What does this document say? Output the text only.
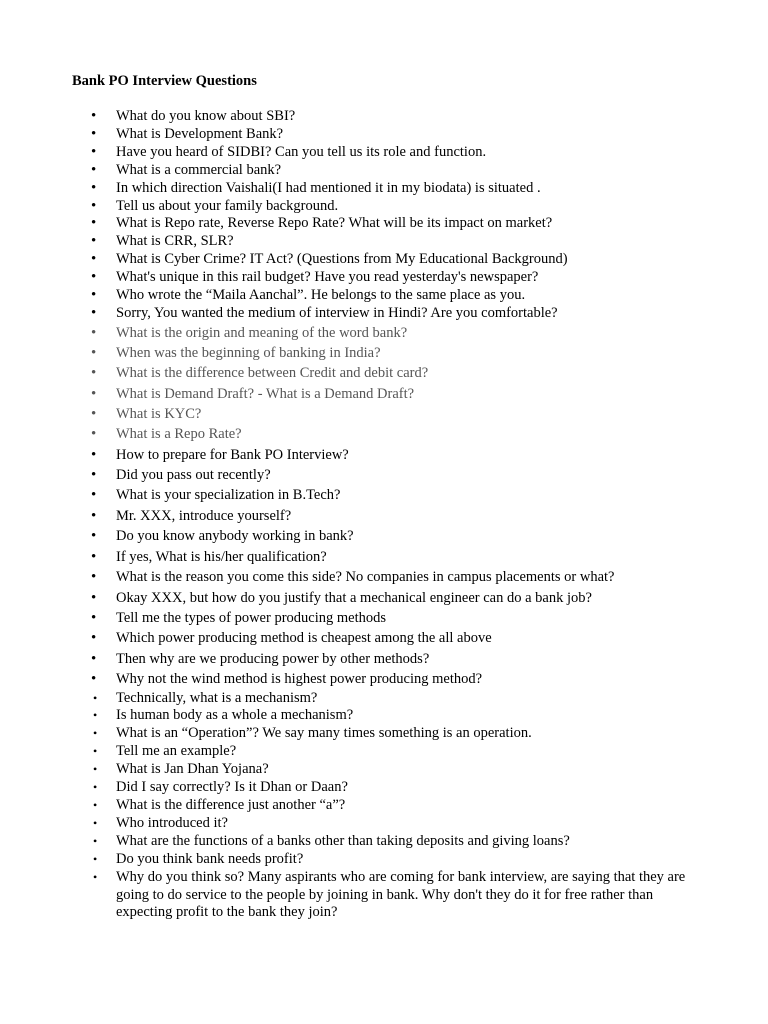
Bank PO Interview Questions
• What do you know about SBI?
• What is Development Bank?
• Have you heard of SIDBI? Can you tell us its role and function.
• What is a commercial bank?
• In which direction Vaishali(I had mentioned it in my biodata) is situated .
• Tell us about your family background.
• What is Repo rate, Reverse Repo Rate? What will be its impact on market?
• What is CRR, SLR?
• What is Cyber Crime? IT Act? (Questions from My Educational Background)
• What's unique in this rail budget? Have you read yesterday's newspaper?
• Who wrote the “Maila Aanchal”. He belongs to the same place as you.
• Sorry, You wanted the medium of interview in Hindi? Are you comfortable?
• What is the origin and meaning of the word bank?
• When was the beginning of banking in India?
• What is the difference between Credit and debit card?
• What is Demand Draft? - What is a Demand Draft?
• What is KYC?
• What is a Repo Rate?
• How to prepare for Bank PO Interview?
• Did you pass out recently?
• What is your specialization in B.Tech?
• Mr. XXX, introduce yourself?
• Do you know anybody working in bank?
• If yes, What is his/her qualification?
• What is the reason you come this side? No companies in campus placements or what?
• Okay XXX, but how do you justify that a mechanical engineer can do a bank job?
• Tell me the types of power producing methods
• Which power producing method is cheapest among the all above
• Then why are we producing power by other methods?
• Why not the wind method is highest power producing method?
• Technically, what is a mechanism?
• Is human body as a whole a mechanism?
• What is an “Operation”? We say many times something is an operation.
• Tell me an example?
• What is Jan Dhan Yojana?
• Did I say correctly? Is it Dhan or Daan?
• What is the difference just another “a”?
• Who introduced it?
• What are the functions of a banks other than taking deposits and giving loans?
• Do you think bank needs profit?
• Why do you think so? Many aspirants who are coming for bank interview, are saying that they are going to do service to the people by joining in bank. Why don't they do it for free rather than expecting profit to the bank they join?
